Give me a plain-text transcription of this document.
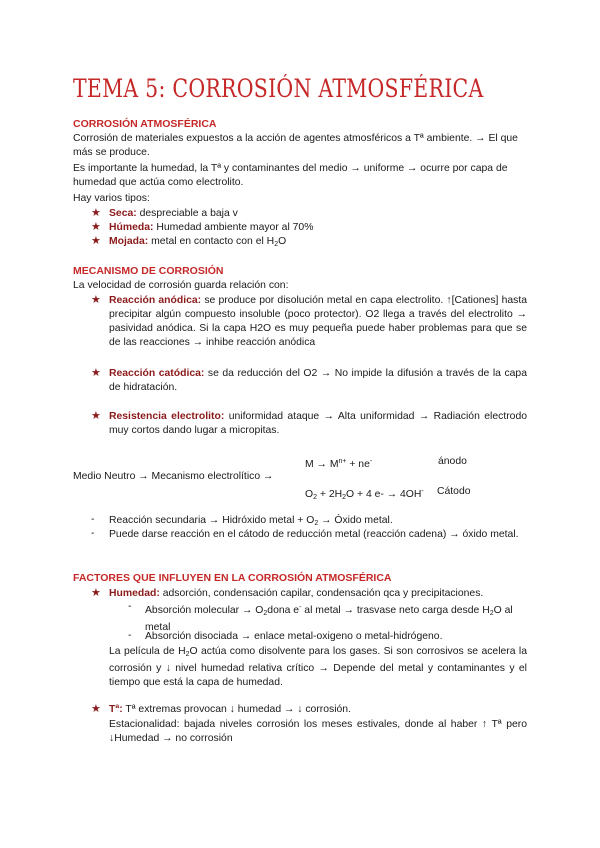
TEMA 5: CORROSIÓN ATMOSFÉRICA
CORROSIÓN ATMOSFÉRICA
Corrosión de materiales expuestos a la acción de agentes atmosféricos a Tª ambiente. → El que más se produce.
Es importante la humedad, la Tª y contaminantes del medio → uniforme → ocurre por capa de humedad que actúa como electrolito.
Hay varios tipos:
★ Seca: despreciable a baja v
★ Húmeda: Humedad ambiente mayor al 70%
★ Mojada: metal en contacto con el $H_2O$
MECANISMO DE CORROSIÓN
La velocidad de corrosión guarda relación con:
★ Reacción anódica: se produce por disolución metal en capa electrolito. ↑[Cationes] hasta precipitar algún compuesto insoluble (poco protector). O2 llega a través del electrolito → pasividad anódica. Si la capa H2O es muy pequeña puede haber problemas para que se de las reacciones → inhibe reacción anódica
★ Reacción catódica: se da reducción del O2 → No impide la difusión a través de la capa de hidratación.
★ Resistencia electrolito: uniformidad ataque → Alta uniformidad → Radiación electrodo muy cortos dando lugar a micropitas.
$M \to M^{n+} + ne^-$	ánodo
Medio Neutro → Mecanismo electrolítico →
$O_2 + 2H_2O + 4$ e- → 4OH- Cátodo
- Reacción secundaria → Hidróxido metal + $O_2$ → Óxido metal.
- Puede darse reacción en el cátodo de reducción metal (reacción cadena) → óxido metal.
FACTORES QUE INFLUYEN EN LA CORROSIÓN ATMOSFÉRICA
★ Humedad: adsorción, condensación capilar, condensación qca y precipitaciones.
- Absorción molecular → $O_2dona$ e- al metal → trasvase neto carga desde $H_2O$ al metal
- Absorción disociada → enlace metal-oxigeno o metal-hidrógeno.
La película de $H_2O$ actúa como disolvente para los gases. Si son corrosivos se acelera la corrosión y ↓ nivel humedad relativa crítico → Depende del metal y contaminantes y el tiempo que está la capa de humedad.
★ Tª: Tª extremas provocan ↓ humedad → ↓ corrosión.
Estacionalidad: bajada niveles corrosión los meses estivales, donde al haber ↑ Tª pero ↓Humedad → no corrosión
